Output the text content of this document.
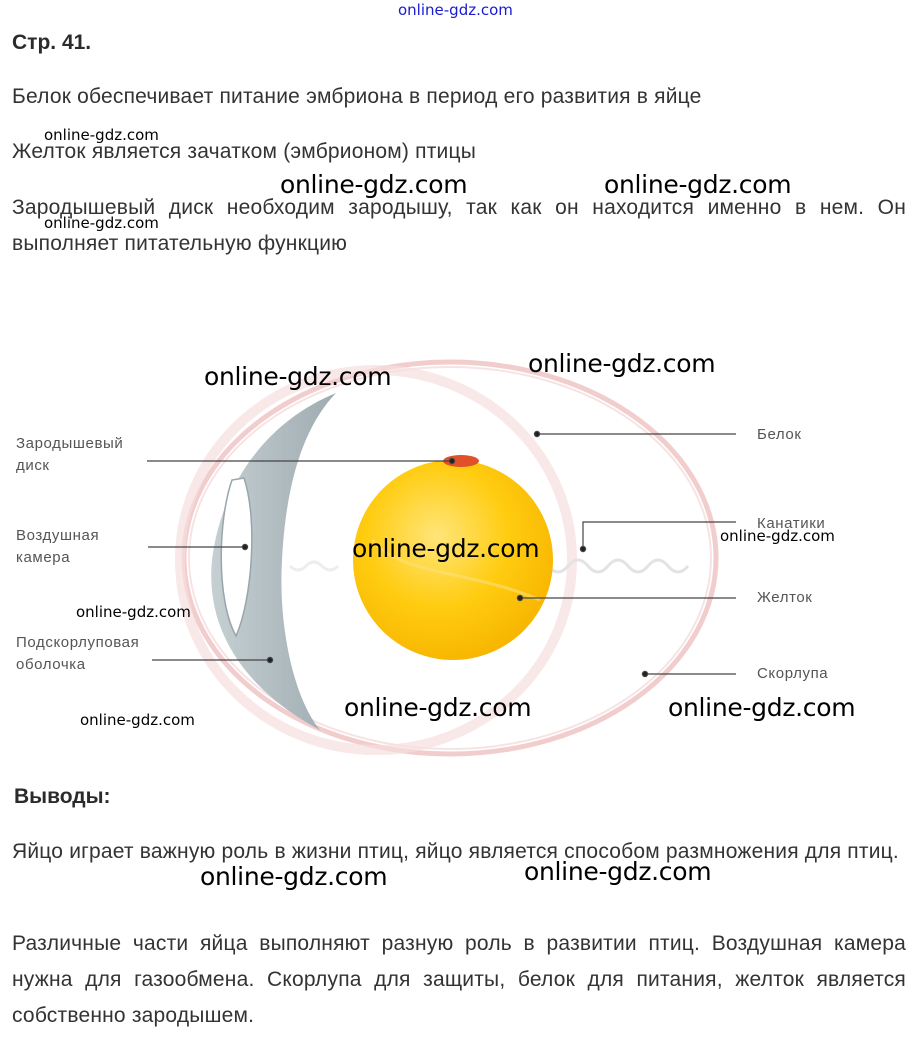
online-gdz.com
Стр. 41.
Белок обеспечивает питание эмбриона в период его развития в яйце
Желток является зачатком (эмбрионом) птицы
Зародышевый диск необходим зародышу, так как он находится именно в нем. Он выполняет питательную функцию
Зародышевый диск
Воздушная камера
Подскорлуповая оболочка
Белок
Канатики
Желток
Скорлупа
Выводы:
Яйцо играет важную роль в жизни птиц, яйцо является способом размножения для птиц.
Различные части яйца выполняют разную роль в развитии птиц. Воздушная камера нужна для газообмена. Скорлупа для защиты, белок для питания, желток является собственно зародышем.
online-gdz.com
online-gdz.com
online-gdz.com	online-gdz.com
online-gdz.com
online-gdz.com
online-gdz.com	online-gdz.com
online-gdz.com
online-gdz.com	online-gdz.com	online-gdz.com
online-gdz.com	online-gdz.com
